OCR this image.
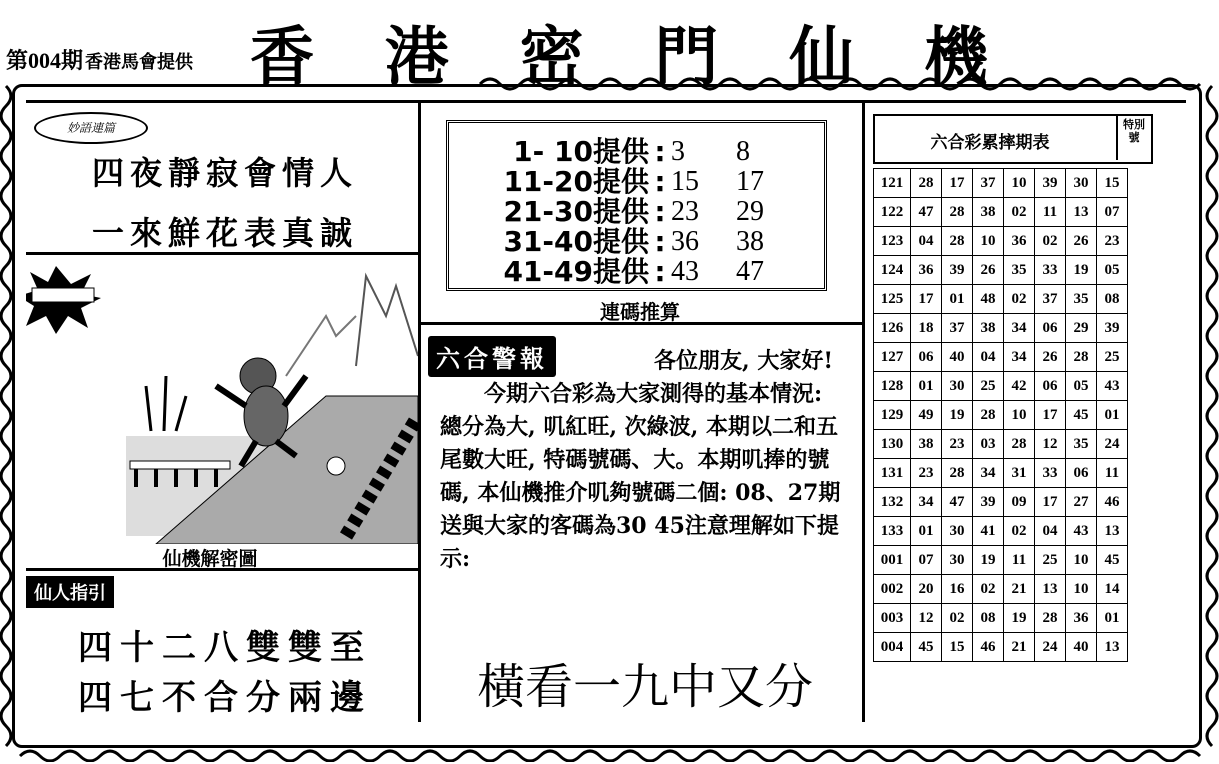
第004期 香港馬會提供 香 港 密 門 仙 機
妙語連篇
四夜靜寂會情人
一來鮮花表真誠
仙機解密圖
仙人指引
四十二八雙雙至
四七不合分兩邊
1- 10提供 : 3	8
11-20提供 : 15	17
21-30提供 : 23	29
31-40提供 : 36	38
41-49提供 : 43	47
連碼推算
六合警報	各位朋友, 大家好!
今期六合彩為大家測得的基本情況: 總分為大, 叽紅旺, 次綠波, 本期以二和五尾數大旺, 特碼號碼、大。本期叽捧的號碼, 本仙機推介叽夠號碼二個: 08、27期送與大家的客碼為30 45注意理解如下提示:
橫看一九中又分
六合彩累摔期表
特別號
121	28	17	37	10	39	30	15
122	47	28	38	02	11	13	07
123	04	28	10	36	02	26	23
124	36	39	26	35	33	19	05
125	17	01	48	02	37	35	08
126	18	37	38	34	06	29	39
127	06	40	04	34	26	28	25
128	01	30	25	42	06	05	43
129	49	19	28	10	17	45	01
130	38	23	03	28	12	35	24
131	23	28	34	31	33	06	11
132	34	47	39	09	17	27	46
133	01	30	41	02	04	43	13
001	07	30	19	11	25	10	45
002	20	16	02	21	13	10	14
003	12	02	08	19	28	36	01
004	45	15	46	21	24	40	13
